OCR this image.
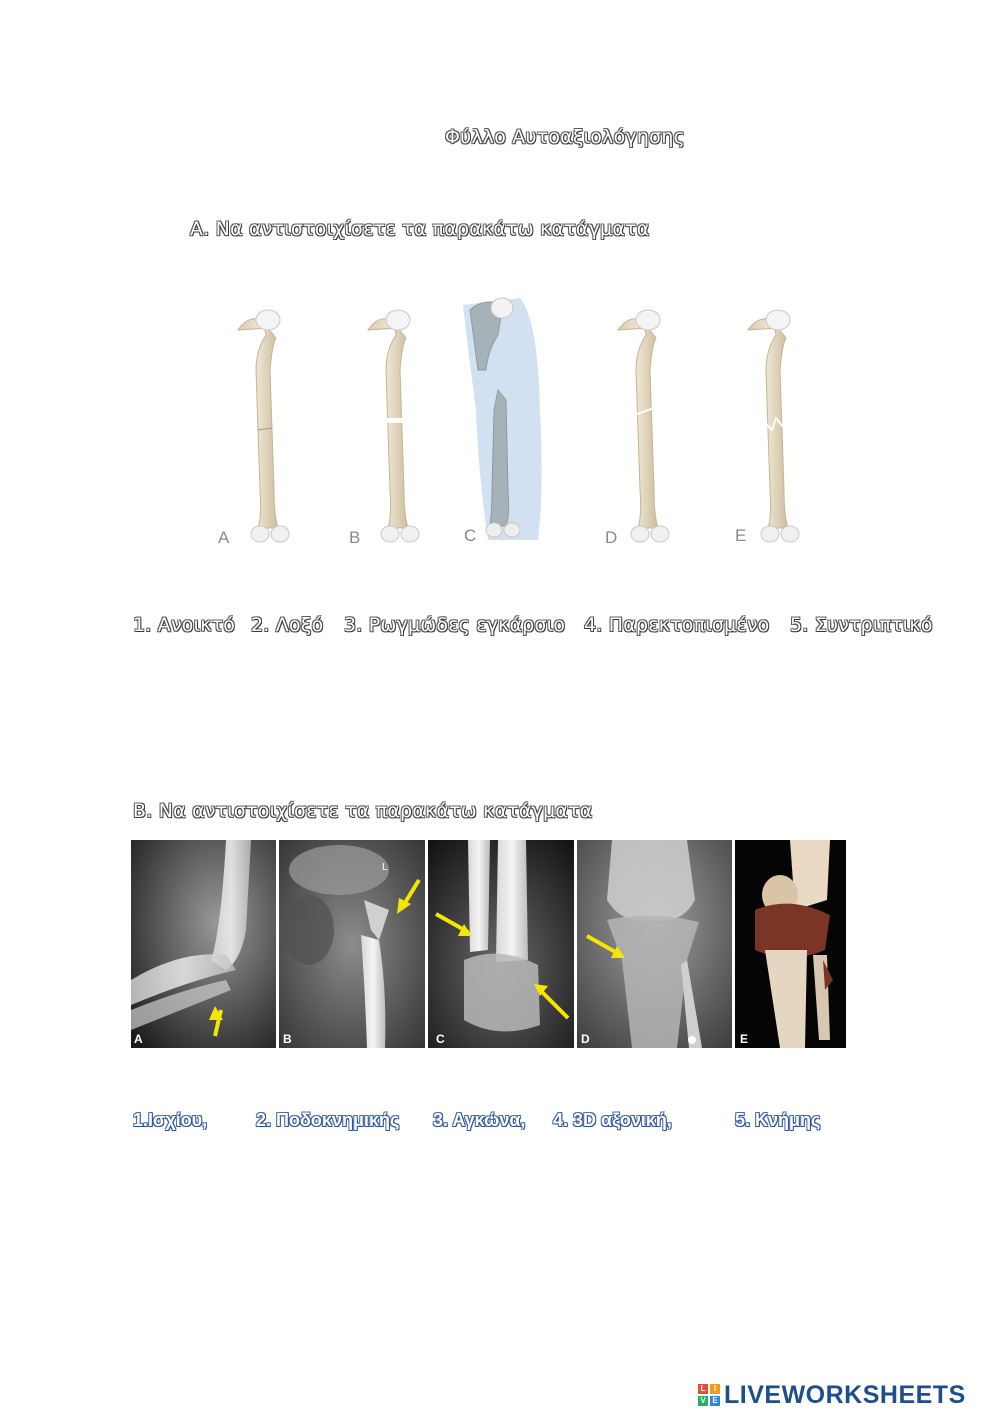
Φύλλο Αυτοαξιολόγησης
Α. Να αντιστοιχίσετε τα παρακάτω κατάγματα
A	B	C	D	E
1. Ανοικτό 2. Λοξό 3. Ρωγμώδες εγκάρσιο 4. Παρεκτοπισμένο 5. Συντριπτικό
Β. Να αντιστοιχίσετε τα παρακάτω κατάγματα
A	B	C	D	E
L
1.Ισχίου,	2. Ποδοκνημικής 3. Αγκώνα, 4. 3D αξονική,	5. Κνήμης
L	I
V E LIVEWORKSHEETS
